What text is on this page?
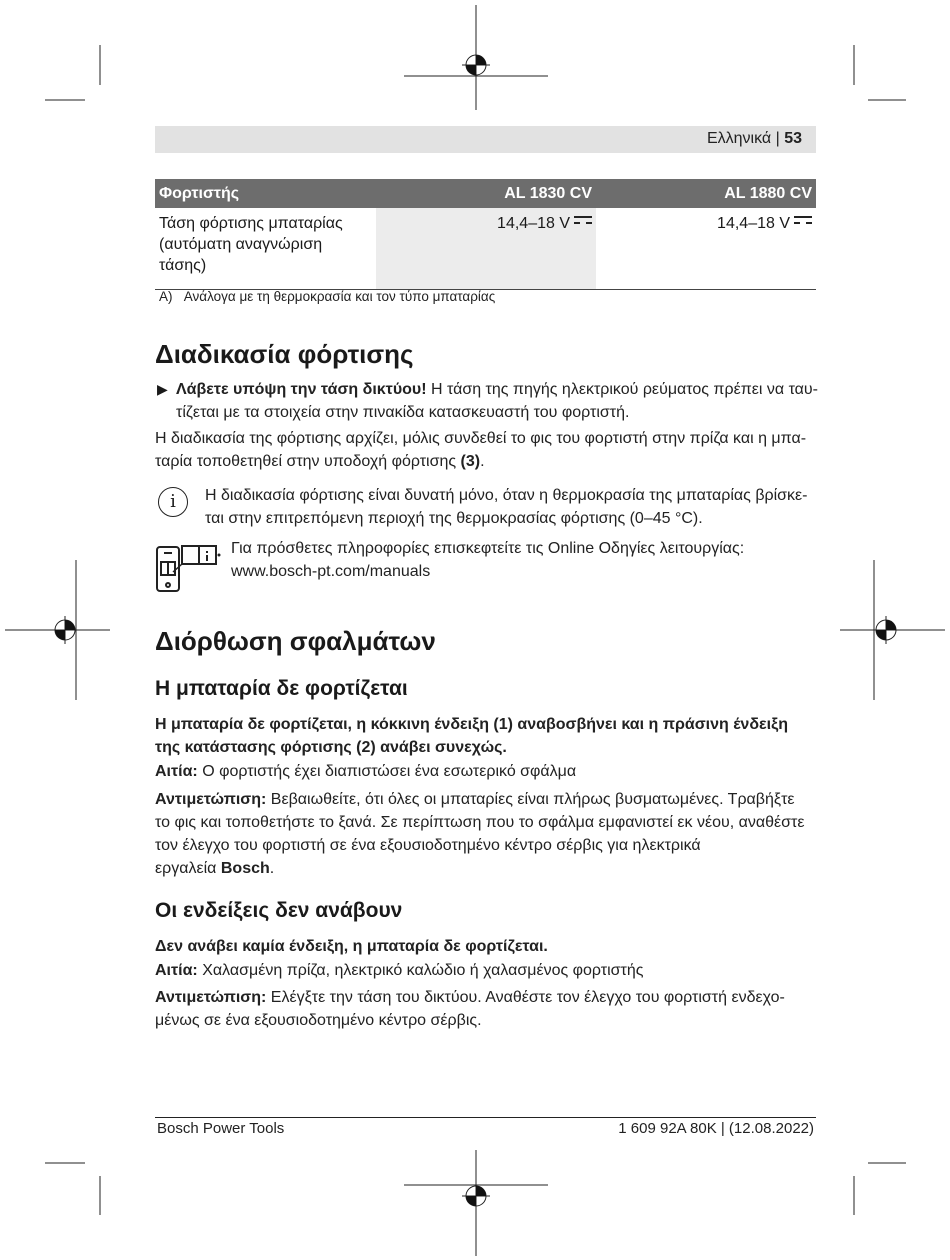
Ελληνικά | 53
Φορτιστής	AL 1830 CV	AL 1880 CV
Τάση φόρτισης μπαταρίας (αυτόματη αναγνώριση τάσης)	14,4–18 V	14,4–18 V
A) Ανάλογα με τη θερμοκρασία και τον τύπο μπαταρίας
Διαδικασία φόρτισης
▶ Λάβετε υπόψη την τάση δικτύου! Η τάση της πηγής ηλεκτρικού ρεύματος πρέπει να ταυ-
τίζεται με τα στοιχεία στην πινακίδα κατασκευαστή του φορτιστή.

Η διαδικασία της φόρτισης αρχίζει, μόλις συνδεθεί το φις του φορτιστή στην πρίζα και η μπα-
ταρία τοποθετηθεί στην υποδοχή φόρτισης (3).

i	Η διαδικασία φόρτισης είναι δυνατή μόνο, όταν η θερμοκρασία της μπαταρίας βρίσκε-
ται στην επιτρεπόμενη περιοχή της θερμοκρασίας φόρτισης (0–45 °C).

Για πρόσθετες πληροφορίες επισκεφτείτε τις Online Οδηγίες λειτουργίας:
www.bosch-pt.com/manuals

Διόρθωση σφαλμάτων
Η μπαταρία δε φορτίζεται

Η μπαταρία δε φορτίζεται, η κόκκινη ένδειξη (1) αναβοσβήνει και η πράσινη ένδειξη
της κατάστασης φόρτισης (2) ανάβει συνεχώς.

Αιτία: Ο φορτιστής έχει διαπιστώσει ένα εσωτερικό σφάλμα

Αντιμετώπιση: Βεβαιωθείτε, ότι όλες οι μπαταρίες είναι πλήρως βυσματωμένες. Τραβήξτε
το φις και τοποθετήστε το ξανά. Σε περίπτωση που το σφάλμα εμφανιστεί εκ νέου, αναθέστε
τον έλεγχο του φορτιστή σε ένα εξουσιοδοτημένο κέντρο σέρβις για ηλεκτρικά
εργαλεία Bosch.

Οι ενδείξεις δεν ανάβουν

Δεν ανάβει καμία ένδειξη, η μπαταρία δε φορτίζεται.

Αιτία: Χαλασμένη πρίζα, ηλεκτρικό καλώδιο ή χαλασμένος φορτιστής

Αντιμετώπιση: Ελέγξτε την τάση του δικτύου. Αναθέστε τον έλεγχο του φορτιστή ενδεχο-
μένως σε ένα εξουσιοδοτημένο κέντρο σέρβις.

Bosch Power Tools	1 609 92A 80K | (12.08.2022)
